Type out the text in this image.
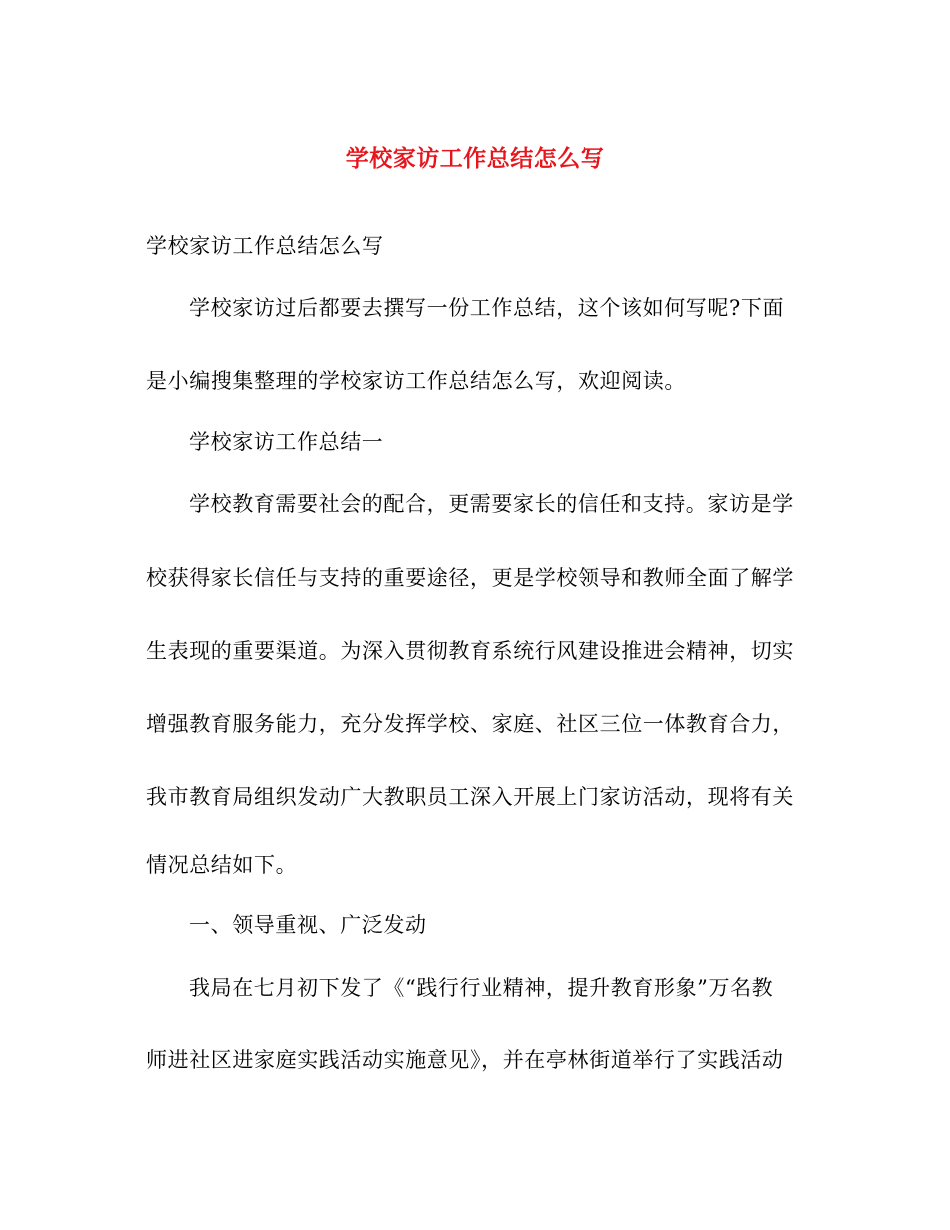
学校家访工作总结怎么写
学校家访工作总结怎么写
学校家访过后都要去撰写一份工作总结，这个该如何写呢?下面
是小编搜集整理的学校家访工作总结怎么写，欢迎阅读。
学校家访工作总结一
学校教育需要社会的配合，更需要家长的信任和支持。家访是学
校获得家长信任与支持的重要途径，更是学校领导和教师全面了解学
生表现的重要渠道。为深入贯彻教育系统行风建设推进会精神，切实
增强教育服务能力，充分发挥学校、家庭、社区三位一体教育合力，
我市教育局组织发动广大教职员工深入开展上门家访活动，现将有关
情况总结如下。
一、领导重视、广泛发动
我局在七月初下发了《“践行行业精神，提升教育形象”万名教
师进社区进家庭实践活动实施意见》，并在亭林街道举行了实践活动
